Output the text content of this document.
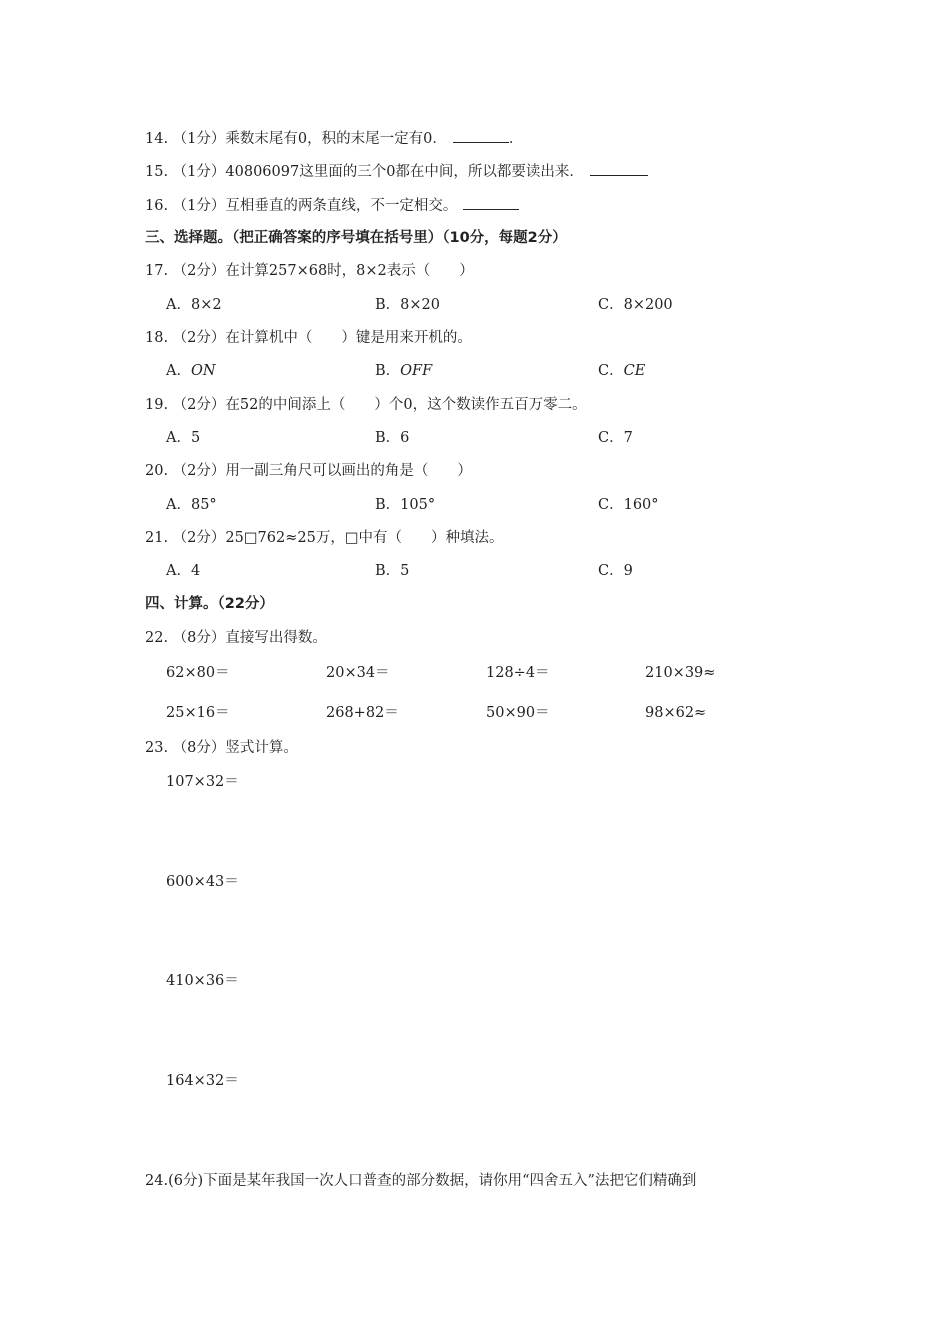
14. （1分）乘数末尾有0，积的末尾一定有0．	．
15. （1分）40806097这里面的三个0都在中间，所以都要读出来．
16. （1分）互相垂直的两条直线，不一定相交。
三、选择题。（把正确答案的序号填在括号里）（10分，每题2分）
17. （2分）在计算257×68时，8×2表示（　　）
A．8×2	B．8×20	C．8×200
18. （2分）在计算机中（　　）键是用来开机的。
A．ON	B．OFF	C．CE
19. （2分）在52的中间添上（　　）个0，这个数读作五百万零二。
A．5	B．6	C．7
20. （2分）用一副三角尺可以画出的角是（　　）
A．85°	B．105°	C．160°
21. （2分）25□762≈25万，□中有（　　）种填法。
A．4	B．5	C．9
四、计算。（22分）
22. （8分）直接写出得数。
62×80＝	20×34＝	128÷4＝	210×39≈
25×16＝	268+82＝	50×90＝	98×62≈
23. （8分）竖式计算。
107×32＝
600×43＝
410×36＝
164×32＝
24.(6分)下面是某年我国一次人口普查的部分数据，请你用“四舍五入”法把它们精确到
